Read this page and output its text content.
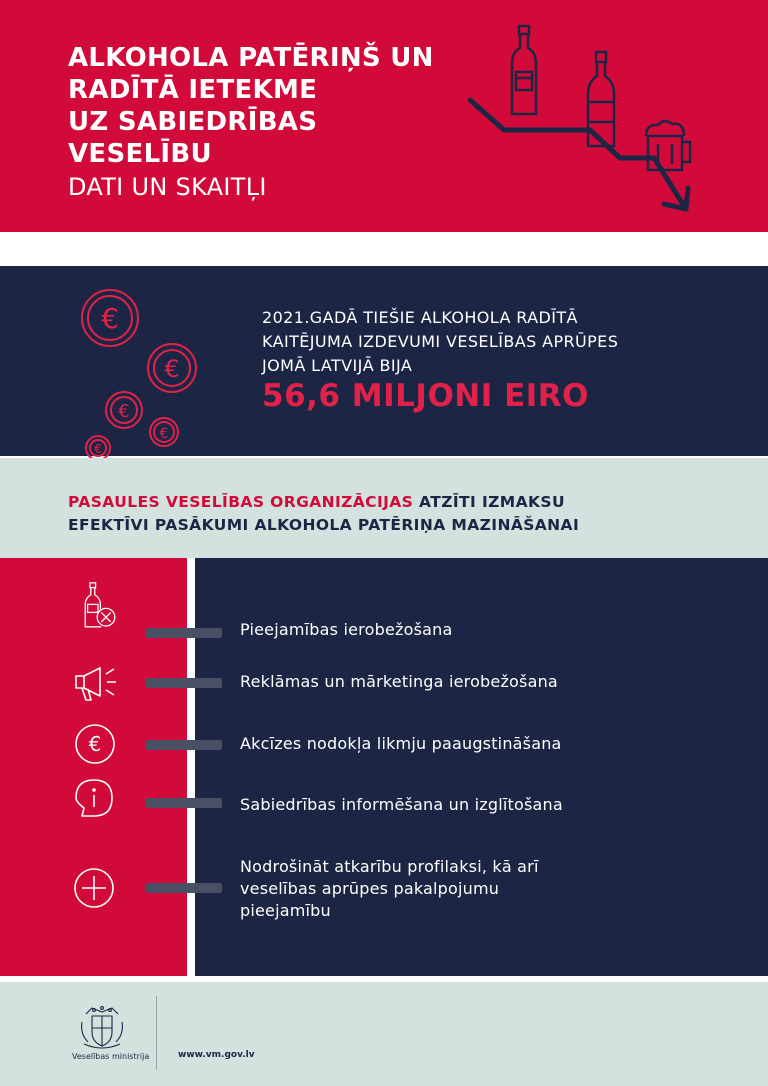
ALKOHOLA PATĒRIŅŠ UN
RADĪTĀ IETEKME
UZ SABIEDRĪBAS
VESELĪBU
DATI UN SKAITĻI
€
€
€
€
€
2021.GADĀ TIEŠIE ALKOHOLA RADĪTĀ
KAITĒJUMA IZDEVUMI VESELĪBAS APRŪPES
JOMĀ LATVIJĀ BIJA
56,6 MILJONI EIRO
PASAULES VESELĪBAS ORGANIZĀCIJAS ATZĪTI IZMAKSU
EFEKTĪVI PASĀKUMI ALKOHOLA PATĒRIŅA MAZINĀŠANAI
Pieejamības ierobežošana
Reklāmas un mārketinga ierobežošana
€	Akcīzes nodokļa likmju paaugstināšana
Sabiedrības informēšana un izglītošana
Nodrošināt atkarību profilaksi, kā arī
veselības aprūpes pakalpojumu
pieejamību
Veselības ministrija	www.vm.gov.lv
